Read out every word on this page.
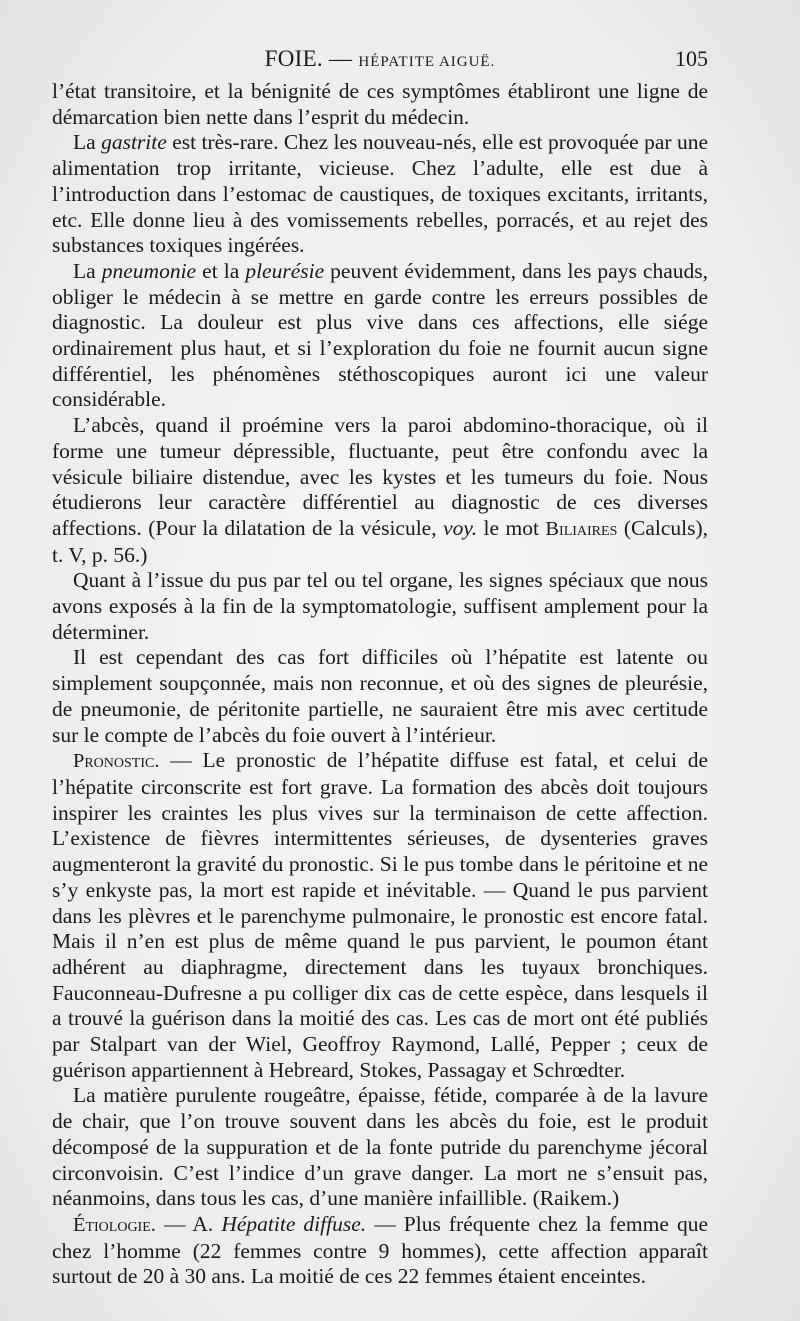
FOIE. — HÉPATITE AIGUË.	105

l’état transitoire, et la bénignité de ces symptômes établiront une ligne de démarcation bien nette dans l’esprit du médecin.

La gastrite est très-rare. Chez les nouveau-nés, elle est provoquée par une alimentation trop irritante, vicieuse. Chez l’adulte, elle est due à l’introduction dans l’estomac de caustiques, de toxiques excitants, irritants, etc. Elle donne lieu à des vomissements rebelles, porracés, et au rejet des substances toxiques ingérées.

La pneumonie et la pleurésie peuvent évidemment, dans les pays chauds, obliger le médecin à se mettre en garde contre les erreurs possibles de diagnostic. La douleur est plus vive dans ces affections, elle siége ordinairement plus haut, et si l’exploration du foie ne fournit aucun signe différentiel, les phénomènes stéthoscopiques auront ici une valeur considérable.

L’abcès, quand il proémine vers la paroi abdomino-thoracique, où il forme une tumeur dépressible, fluctuante, peut être confondu avec la vésicule biliaire distendue, avec les kystes et les tumeurs du foie. Nous étudierons leur caractère différentiel au diagnostic de ces diverses affections. (Pour la dilatation de la vésicule, voy. le mot Biliaires (Calculs), t. V, p. 56.)

Quant à l’issue du pus par tel ou tel organe, les signes spéciaux que nous avons exposés à la fin de la symptomatologie, suffisent amplement pour la déterminer.

Il est cependant des cas fort difficiles où l’hépatite est latente ou simplement soupçonnée, mais non reconnue, et où des signes de pleurésie, de pneumonie, de péritonite partielle, ne sauraient être mis avec certitude sur le compte de l’abcès du foie ouvert à l’intérieur.

Pronostic. — Le pronostic de l’hépatite diffuse est fatal, et celui de l’hépatite circonscrite est fort grave. La formation des abcès doit toujours inspirer les craintes les plus vives sur la terminaison de cette affection. L’existence de fièvres intermittentes sérieuses, de dysenteries graves augmenteront la gravité du pronostic. Si le pus tombe dans le péritoine et ne s’y enkyste pas, la mort est rapide et inévitable. — Quand le pus parvient dans les plèvres et le parenchyme pulmonaire, le pronostic est encore fatal. Mais il n’en est plus de même quand le pus parvient, le poumon étant adhérent au diaphragme, directement dans les tuyaux bronchiques. Fauconneau-Dufresne a pu colliger dix cas de cette espèce, dans lesquels il a trouvé la guérison dans la moitié des cas. Les cas de mort ont été publiés par Stalpart van der Wiel, Geoffroy Raymond, Lallé, Pepper ; ceux de guérison appartiennent à Hebreard, Stokes, Passagay et Schrœdter.

La matière purulente rougeâtre, épaisse, fétide, comparée à de la lavure de chair, que l’on trouve souvent dans les abcès du foie, est le produit décomposé de la suppuration et de la fonte putride du parenchyme jécoral circonvoisin. C’est l’indice d’un grave danger. La mort ne s’ensuit pas, néanmoins, dans tous les cas, d’une manière infaillible. (Raikem.)

Étiologie. — A. Hépatite diffuse. — Plus fréquente chez la femme que chez l’homme (22 femmes contre 9 hommes), cette affection apparaît surtout de 20 à 30 ans. La moitié de ces 22 femmes étaient enceintes.
